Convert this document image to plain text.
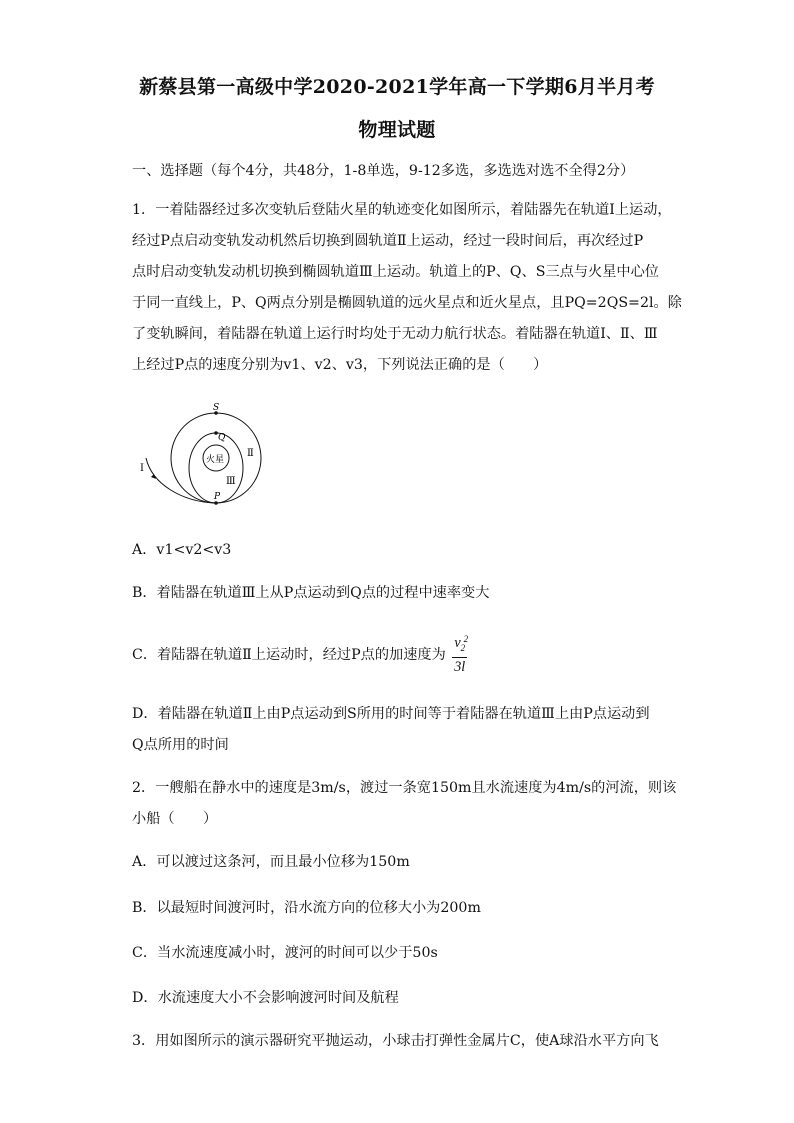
新蔡县第一高级中学2020-2021学年高一下学期6月半月考
物理试题
一、选择题（每个4分，共48分，1-8单选，9-12多选，多选选对选不全得2分）
1．一着陆器经过多次变轨后登陆火星的轨迹变化如图所示，着陆器先在轨道Ⅰ上运动，
经过P点启动变轨发动机然后切换到圆轨道Ⅱ上运动，经过一段时间后，再次经过P
点时启动变轨发动机切换到椭圆轨道Ⅲ上运动。轨道上的P、Q、S三点与火星中心位
于同一直线上，P、Q两点分别是椭圆轨道的远火星点和近火星点，且PQ=2QS=2l。除
了变轨瞬间，着陆器在轨道上运行时均处于无动力航行状态。着陆器在轨道Ⅰ、Ⅱ、Ⅲ
上经过P点的速度分别为v1、v2、v3，下列说法正确的是（　　）
S
Q
P
火星
Ⅰ
Ⅱ
Ⅲ
A．v1<v2<v3
B．着陆器在轨道Ⅲ上从P点运动到Q点的过程中速率变大
C．着陆器在轨道Ⅱ上运动时，经过P点的加速度为 $v_2$
2
3l
D．着陆器在轨道Ⅱ上由P点运动到S所用的时间等于着陆器在轨道Ⅲ上由P点运动到
Q点所用的时间
2．一艘船在静水中的速度是3m/s，渡过一条宽150m且水流速度为4m/s的河流，则该
小船（　　）
A．可以渡过这条河，而且最小位移为150m
B．以最短时间渡河时，沿水流方向的位移大小为200m
C．当水流速度减小时，渡河的时间可以少于50s
D．水流速度大小不会影响渡河时间及航程
3．用如图所示的演示器研究平抛运动，小球击打弹性金属片C，使A球沿水平方向飞
